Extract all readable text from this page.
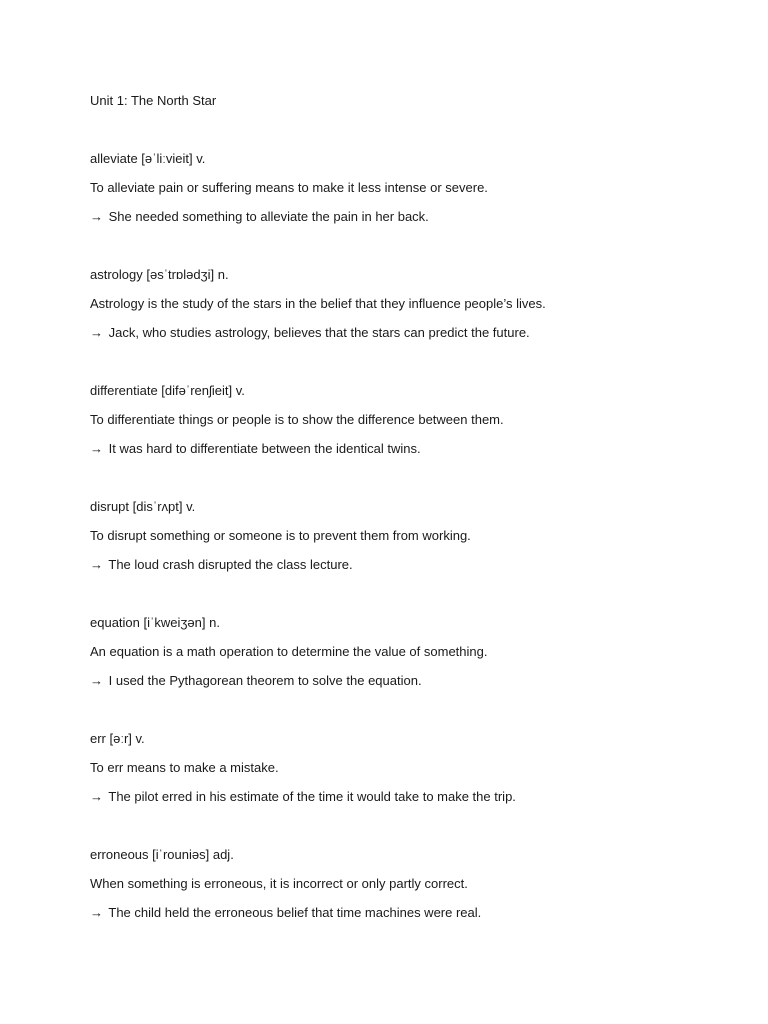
Unit 1: The North Star

alleviate [əˈliːvieit] v.

To alleviate pain or suffering means to make it less intense or severe.

→ She needed something to alleviate the pain in her back.

astrology [əsˈtrɒlədʒi] n.

Astrology is the study of the stars in the belief that they influence people’s lives.

→ Jack, who studies astrology, believes that the stars can predict the future.

differentiate [difəˈrenʃieit] v.

To differentiate things or people is to show the difference between them.

→ It was hard to differentiate between the identical twins.

disrupt [disˈrʌpt] v.

To disrupt something or someone is to prevent them from working.

→ The loud crash disrupted the class lecture.

equation [iˈkweiʒən] n.

An equation is a math operation to determine the value of something.

→ I used the Pythagorean theorem to solve the equation.

err [əːr] v.

To err means to make a mistake.

→ The pilot erred in his estimate of the time it would take to make the trip.

erroneous [iˈrouniəs] adj.

When something is erroneous, it is incorrect or only partly correct.

→ The child held the erroneous belief that time machines were real.
